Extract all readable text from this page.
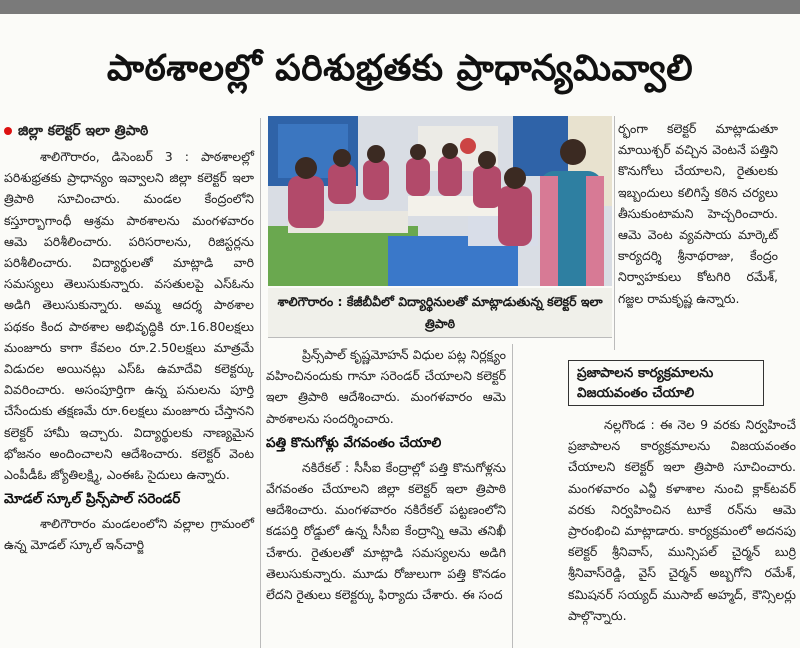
పాఠశాలల్లో పరిశుభ్రతకు ప్రాధాన్యమివ్వాలి
జిల్లా కలెక్టర్ ఇలా త్రిపాఠి

శాలిగౌరారం, డిసెంబర్ 3 : పాఠశాలల్లో పరిశుభ్రతకు ప్రాధాన్యం ఇవ్వాలని జిల్లా కలెక్టర్ ఇలా త్రిపాఠి సూచించారు. మండల కేంద్రంలోని కస్తూర్బాగాంధీ ఆశ్రమ పాఠశాలను మంగళవారం ఆమె పరిశీలించారు. పరిసరాలను, రిజిస్టర్లను పరిశీలించారు. విద్యార్థులతో మాట్లాడి వారి సమస్యలు తెలుసుకున్నారు. వసతులపై ఎస్ఓను అడిగి తెలుసుకున్నారు. అమ్మ ఆదర్శ పాఠశాల పథకం కింద పాఠశాల అభివృద్ధికి రూ.16.80లక్షలు మంజూరు కాగా కేవలం రూ.2.50లక్షలు మాత్రమే విడుదల అయినట్లు ఎస్ఓ ఉమాదేవి కలెక్టర్కు వివరించారు. అసంపూర్తిగా ఉన్న పనులను పూర్తి చేసేందుకు తక్షణమే రూ.6లక్షలు మంజూరు చేస్తానని కలెక్టర్ హామీ ఇచ్చారు. విద్యార్థులకు నాణ్యమైన భోజనం అందించాలని ఆదేశించారు. కలెక్టర్ వెంట ఎంపీడీఓ జ్యోతిలక్ష్మి, ఎంఈఓ సైదులు ఉన్నారు.

మోడల్ స్కూల్ ప్రిన్స్‌పాల్ సరెండర్

శాలిగౌరారం మండలంలోని వల్లాల గ్రామంలో ఉన్న మోడల్ స్కూల్ ఇన్‌చార్జి

శాలిగౌరారం : కేజీబీవీలో విద్యార్థినులతో మాట్లాడుతున్న కలెక్టర్ ఇలా త్రిపాఠి

ప్రిన్స్‌పాల్ కృష్ణమోహన్ విధుల పట్ల నిర్లక్ష్యం వహించినందుకు గానూ సరెండర్ చేయాలని కలెక్టర్ ఇలా త్రిపాఠి ఆదేశించారు. మంగళవారం ఆమె పాఠశాలను సందర్శించారు.

పత్తి కొనుగోళ్లు వేగవంతం చేయాలి

నకిరేకల్ : సీసీఐ కేంద్రాల్లో పత్తి కొనుగోళ్లను వేగవంతం చేయాలని జిల్లా కలెక్టర్ ఇలా త్రిపాఠి ఆదేశించారు. మంగళవారం నకిరేకల్ పట్టణంలోని కడపర్తి రోడ్డులో ఉన్న సీసీఐ కేంద్రాన్ని ఆమె తనిఖీ చేశారు. రైతులతో మాట్లాడి సమస్యలను అడిగి తెలుసుకున్నారు. మూడు రోజులుగా పత్తి కొనడం లేదని రైతులు కలెక్టర్కు ఫిర్యాదు చేశారు. ఈ సంద

ర్భంగా కలెక్టర్ మాట్లాడుతూ మాయిశ్చర్ వచ్చిన వెంటనే పత్తిని కొనుగోలు చేయాలని, రైతులకు ఇబ్బందులు కలిగిస్తే కఠిన చర్యలు తీసుకుంటామని హెచ్చరించారు. ఆమె వెంట వ్యవసాయ మార్కెట్ కార్యదర్శి శ్రీనాథరాజు, కేంద్రం నిర్వాహకులు కోటగిరి రమేశ్, గజ్జల రామకృష్ణ ఉన్నారు.

ప్రజాపాలన కార్యక్రమాలను విజయవంతం చేయాలి

నల్లగొండ : ఈ నెల 9 వరకు నిర్వహించే ప్రజాపాలన కార్యక్రమాలను విజయవంతం చేయాలని కలెక్టర్ ఇలా త్రిపాఠి సూచించారు. మంగళవారం ఎన్జీ కళాశాల నుంచి క్లాక్‌టవర్ వరకు నిర్వహించిన టూకే రన్‌ను ఆమె ప్రారంభించి మాట్లాడారు. కార్యక్రమంలో అదనపు కలెక్టర్ శ్రీనివాస్, మున్సిపల్ చైర్మన్ బుర్రి శ్రీనివాస్‌రెడ్డి, వైస్ చైర్మన్ అబ్బగోని రమేశ్, కమిషనర్ సయ్యద్ ముసాబ్ అహ్మద్, కౌన్సిలర్లు పాల్గొన్నారు.
